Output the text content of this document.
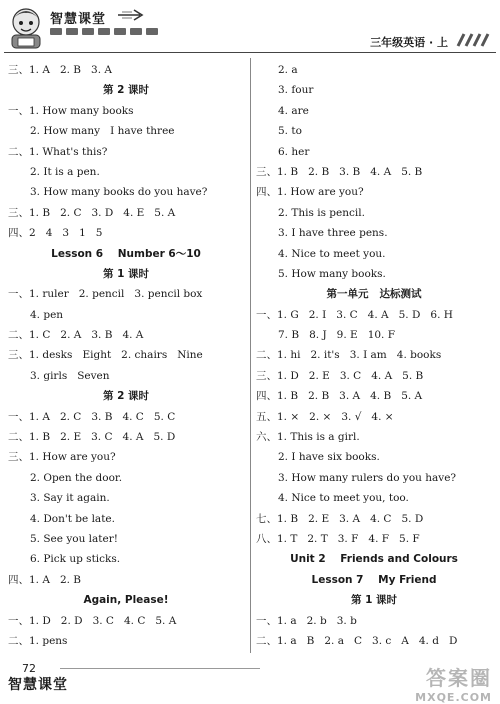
智慧课堂
三年级英语 · 上
三、1. A   2. B   3. A
第 2 课时
一、1. How many books
2. How many   I have three
二、1. What's this?
2. It is a pen.
3. How many books do you have?
三、1. B   2. C   3. D   4. E   5. A
四、2   4   3   1   5
Lesson 6    Number 6～10
第 1 课时
一、1. ruler   2. pencil   3. pencil box
4. pen
二、1. C   2. A   3. B   4. A
三、1. desks   Eight   2. chairs   Nine
3. girls   Seven
第 2 课时
一、1. A   2. C   3. B   4. C   5. C
二、1. B   2. E   3. C   4. A   5. D
三、1. How are you?
2. Open the door.
3. Say it again.
4. Don't be late.
5. See you later!
6. Pick up sticks.
四、1. A   2. B
Again, Please!
一、1. D   2. D   3. C   4. C   5. A
二、1. pens
2. a
3. four
4. are
5. to
6. her
三、1. B   2. B   3. B   4. A   5. B
四、1. How are you?
2. This is pencil.
3. I have three pens.
4. Nice to meet you.
5. How many books.
第一单元   达标测试
一、1. G   2. I   3. C   4. A   5. D   6. H
7. B   8. J   9. E   10. F
二、1. hi   2. it's   3. I am   4. books
三、1. D   2. E   3. C   4. A   5. B
四、1. B   2. B   3. A   4. B   5. A
五、1. ×   2. ×   3. √   4. ×
六、1. This is a girl.
2. I have six books.
3. How many rulers do you have?
4. Nice to meet you, too.
七、1. B   2. E   3. A   4. C   5. D
八、1. T   2. T   3. F   4. F   5. F
Unit 2    Friends and Colours
Lesson 7    My Friend
第 1 课时
一、1. a   2. b   3. b
二、1. a   B   2. a   C   3. c   A   4. d   D
72
智慧课堂	答案圈
MXQE.COM
